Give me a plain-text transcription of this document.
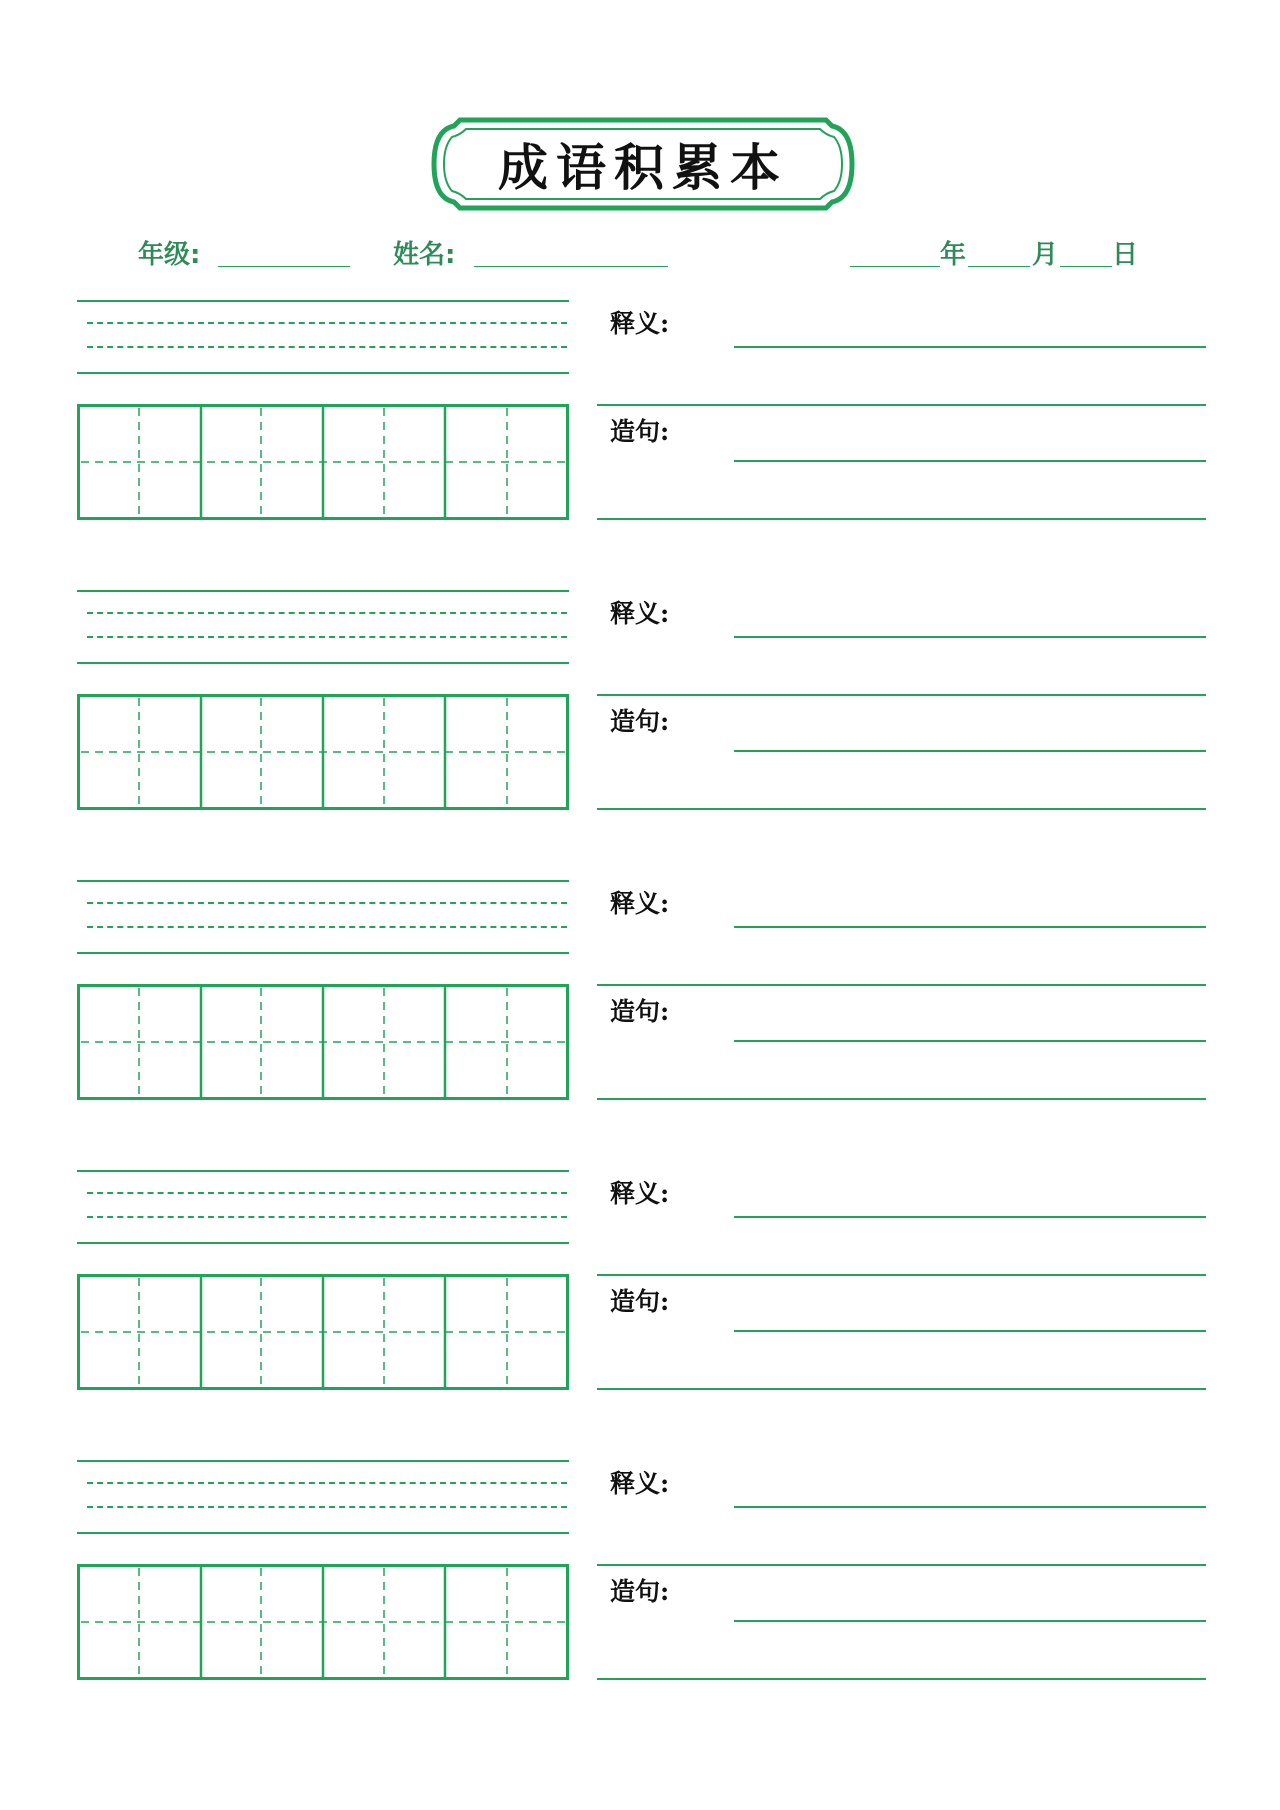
成语积累本
年级:	姓名:	年	月 日
释义:
造句:
释义:
造句:
释义:
造句:
释义:
造句:
释义:
造句:
